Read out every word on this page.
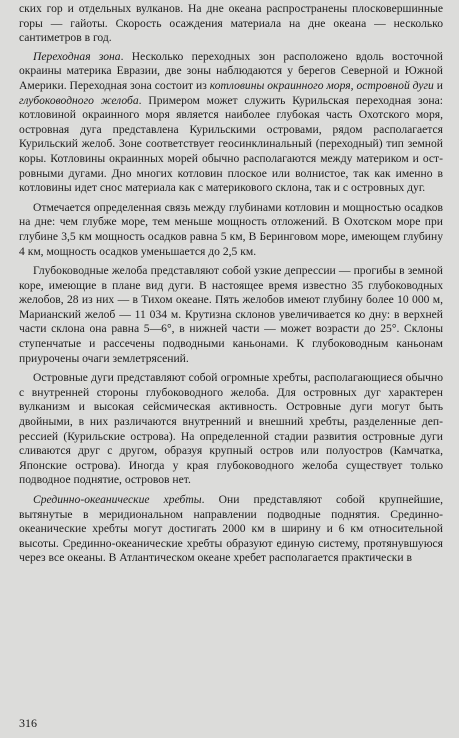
ских гор и отдельных вулканов. На дне океана распространены плосковершинные горы — гайоты. Скорость осаждения материала на дне океана — несколько сантиметров в год.

Переходная зона. Несколько переходных зон расположено вдоль восточной окраины материка Евразии, две зоны наблюдаются у берегов Северной и Южной Америки. Переходная зона состоит из котловины окраинного моря, островной дуги и глубоководного желоба. Примером может служить Курильская переходная зона: котловиной окраинного моря является наиболее глубокая часть Охотского моря, островная дуга представлена Курильскими островами, рядом располагается Курильский желоб. Зоне соответствует геосинклинальный (переходный) тип земной коры. Котловины окраинных морей обычно располагаются между материком и островными дугами. Дно многих котловин плоское или волнистое, так как именно в котловины идет снос материала как с материкового склона, так и с островных дуг.

Отмечается определенная связь между глубинами котловин и мощностью осадков на дне: чем глубже море, тем меньше мощность отложений. В Охотском море при глубине 3,5 км мощность осадков равна 5 км, В Беринговом море, имеющем глубину 4 км, мощность осадков уменьшается до 2,5 км.

Глубоководные желоба представляют собой узкие депрессии — прогибы в земной коре, имеющие в плане вид дуги. В настоящее время известно 35 глубоководных желобов, 28 из них — в Тихом океане. Пять желобов имеют глубину более 10 000 м, Марианский желоб — 11 034 м. Крутизна склонов увеличивается ко дну: в верхней части склона она равна 5—6°, в нижней части — может возрасти до 25°. Склоны ступенчатые и рассечены подводными каньонами. К глубоководным каньонам приурочены очаги землетрясений.

Островные дуги представляют собой огромные хребты, располагающиеся обычно с внутренней стороны глубоководного желоба. Для островных дуг характерен вулканизм и высокая сейсмическая активность. Островные дуги могут быть двойными, в них различаются внутренний и внешний хребты, разделенные депрессией (Курильские острова). На определенной стадии развития островные дуги сливаются друг с другом, образуя крупный остров или полуостров (Камчатка, Японские острова). Иногда у края глубоководного желоба существует только подводное поднятие, островов нет.

Срединно-океанические хребты. Они представляют собой крупнейшие, вытянутые в меридиональном направлении подводные поднятия. Срединно-океанические хребты могут достигать 2000 км в ширину и 6 км относительной высоты. Срединно-океанические хребты образуют единую систему, протянувшуюся через все океаны. В Атлантическом океане хребет располагается практически в

316
